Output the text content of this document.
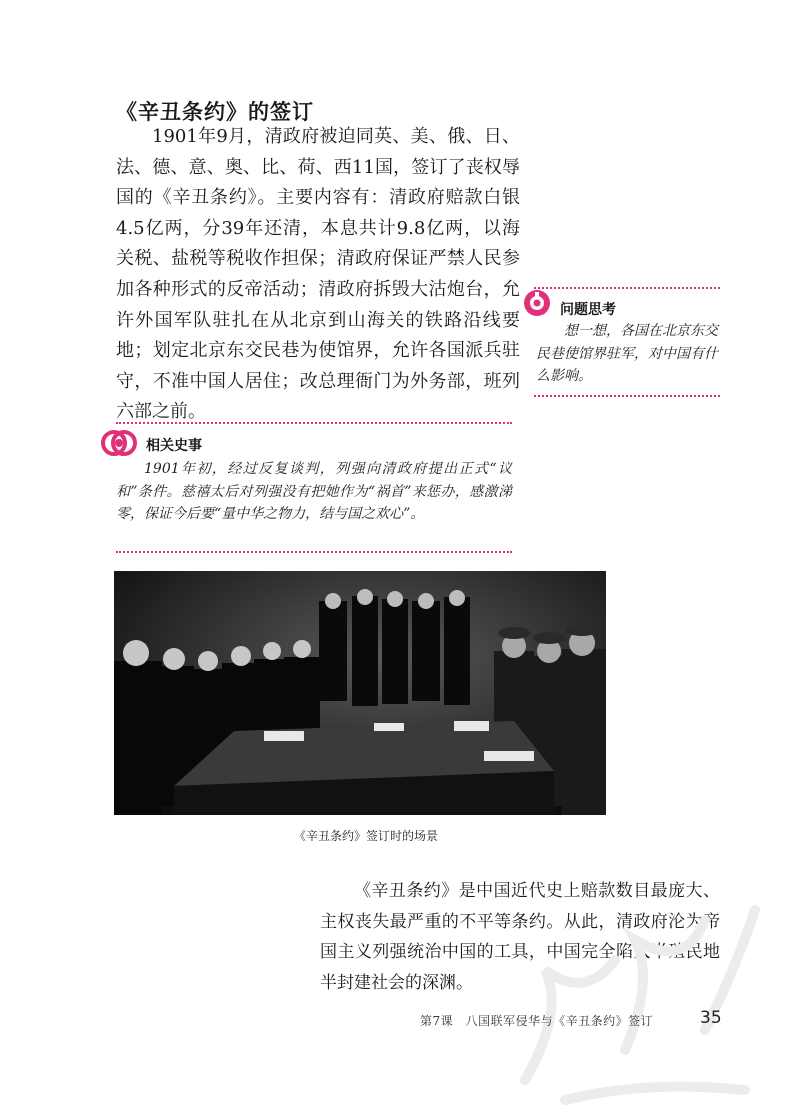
《辛丑条约》的签订

1901年9月，清政府被迫同英、美、俄、日、法、德、意、奥、比、荷、西11国，签订了丧权辱国的《辛丑条约》。主要内容有：清政府赔款白银4.5亿两，分39年还清，本息共计9.8亿两，以海关税、盐税等税收作担保；清政府保证严禁人民参加各种形式的反帝活动；清政府拆毁大沽炮台，允许外国军队驻扎在从北京到山海关的铁路沿线要地；划定北京东交民巷为使馆界，允许各国派兵驻守，不准中国人居住；改总理衙门为外务部，班列六部之前。

问题思考

想一想，各国在北京东交民巷使馆界驻军，对中国有什么影响。

相关史事

1901年初，经过反复谈判，列强向清政府提出正式“议和”条件。慈禧太后对列强没有把她作为“祸首”来惩办，感激涕零，保证今后要“量中华之物力，结与国之欢心”。

《辛丑条约》签订时的场景

《辛丑条约》是中国近代史上赔款数目最庞大、主权丧失最严重的不平等条约。从此，清政府沦为帝国主义列强统治中国的工具，中国完全陷入半殖民地半封建社会的深渊。

第7课　八国联军侵华与《辛丑条约》签订	35
